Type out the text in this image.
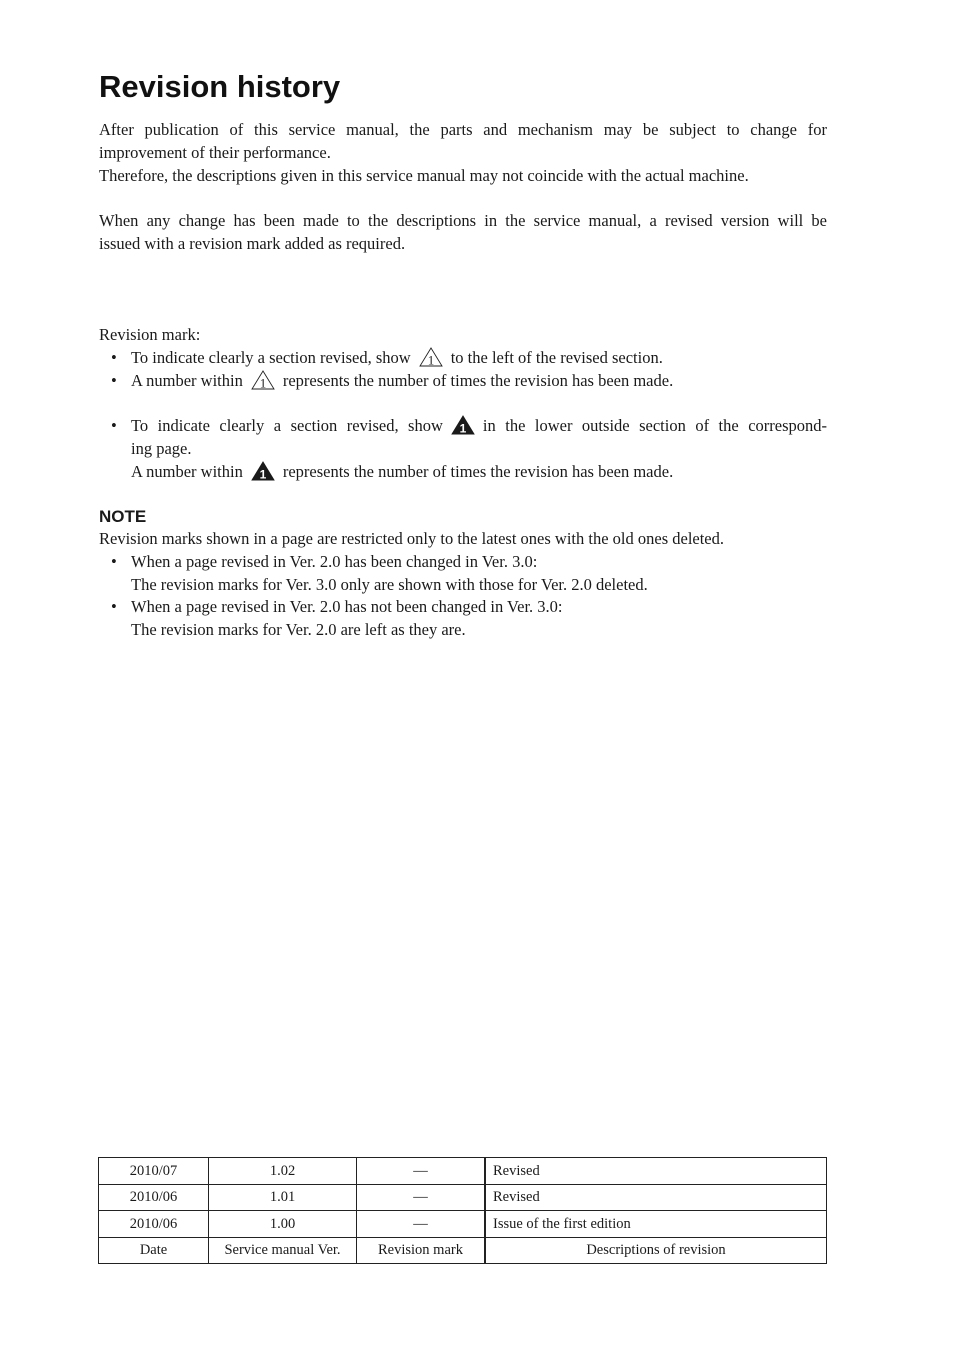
Revision history

After publication of this service manual, the parts and mechanism may be subject to change for
improvement of their performance.

Therefore, the descriptions given in this service manual may not coincide with the actual machine.

When any change has been made to the descriptions in the service manual, a revised version will be
issued with a revision mark added as required.

Revision mark:

• To indicate clearly a section revised, show 1 to the left of the revised section.

• A number within 1 represents the number of times the revision has been made.

• To indicate clearly a section revised, show 1 in the lower outside section of the correspond-
ing page.
A number within 1 represents the number of times the revision has been made.

NOTE

Revision marks shown in a page are restricted only to the latest ones with the old ones deleted.

• When a page revised in Ver. 2.0 has been changed in Ver. 3.0:
The revision marks for Ver. 3.0 only are shown with those for Ver. 2.0 deleted.

• When a page revised in Ver. 2.0 has not been changed in Ver. 3.0:
The revision marks for Ver. 2.0 are left as they are.

2010/07	1.02	—	Revised
2010/06	1.01	—	Revised
2010/06	1.00	—	Issue of the first edition
Date	Service manual Ver.	Revision mark	Descriptions of revision
